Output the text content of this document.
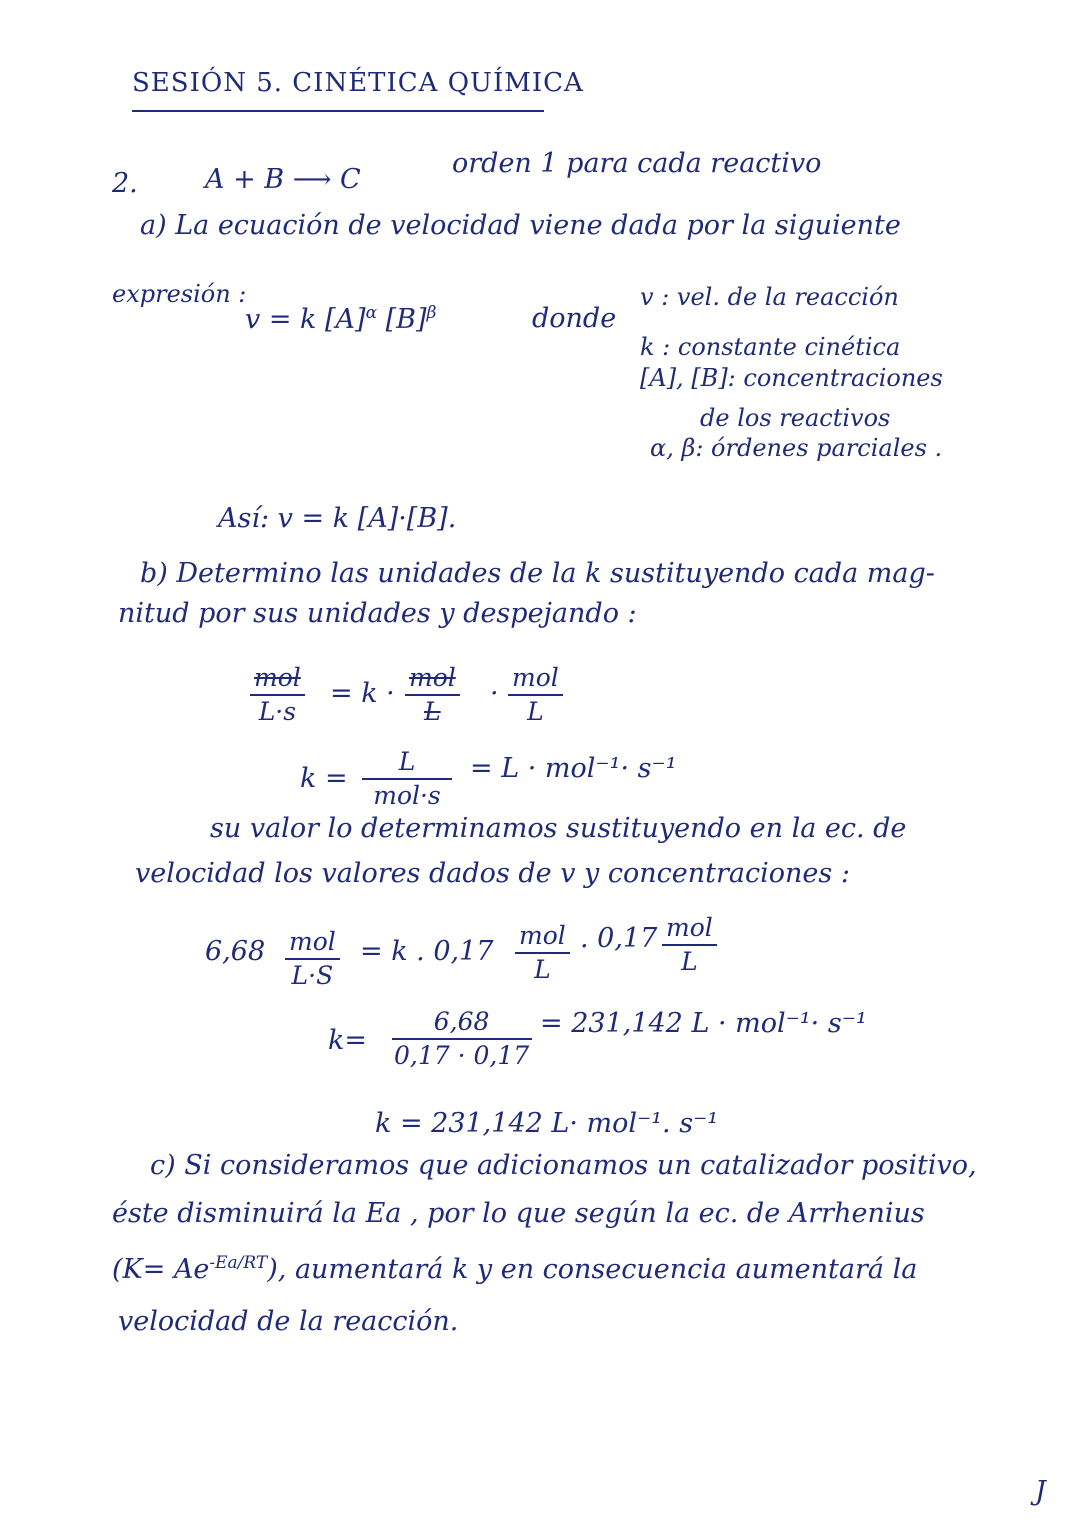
SESIÓN 5. CINÉTICA QUÍMICA
2. A + B ⟶ C
orden 1 para cada reactivo
a) La ecuación de velocidad viene dada por la siguiente
expresión :
v = k $[A]^\alpha$ $[B]^\beta$	donde
v : vel. de la reacción
k : constante cinética
[A], [B]: concentraciones
de los reactivos
α, β: órdenes parciales .
Así: v = k [A]·[B].
b) Determino las unidades de la k sustituyendo cada mag-
nitud por sus unidades y despejando :
mol
L·s
= k ·
mol
L
·
mol
L
k =
L
mol·s
= L · mol⁻¹· s⁻¹
su valor lo determinamos sustituyendo en la ec. de
velocidad los valores dados de v y concentraciones :
6,68 mol
L·S
= k . 0,17
mol
L
. 0,17 mol
L
k=
6,68
0,17 · 0,17
= 231,142 L · mol⁻¹· s⁻¹
k = 231,142 L· mol⁻¹. s⁻¹
c) Si consideramos que adicionamos un catalizador positivo,
éste disminuirá la Ea , por lo que según la ec. de Arrhenius
$(K= Ae^{-Ea/RT})$, aumentará k y en consecuencia aumentará la
velocidad de la reacción.
J
